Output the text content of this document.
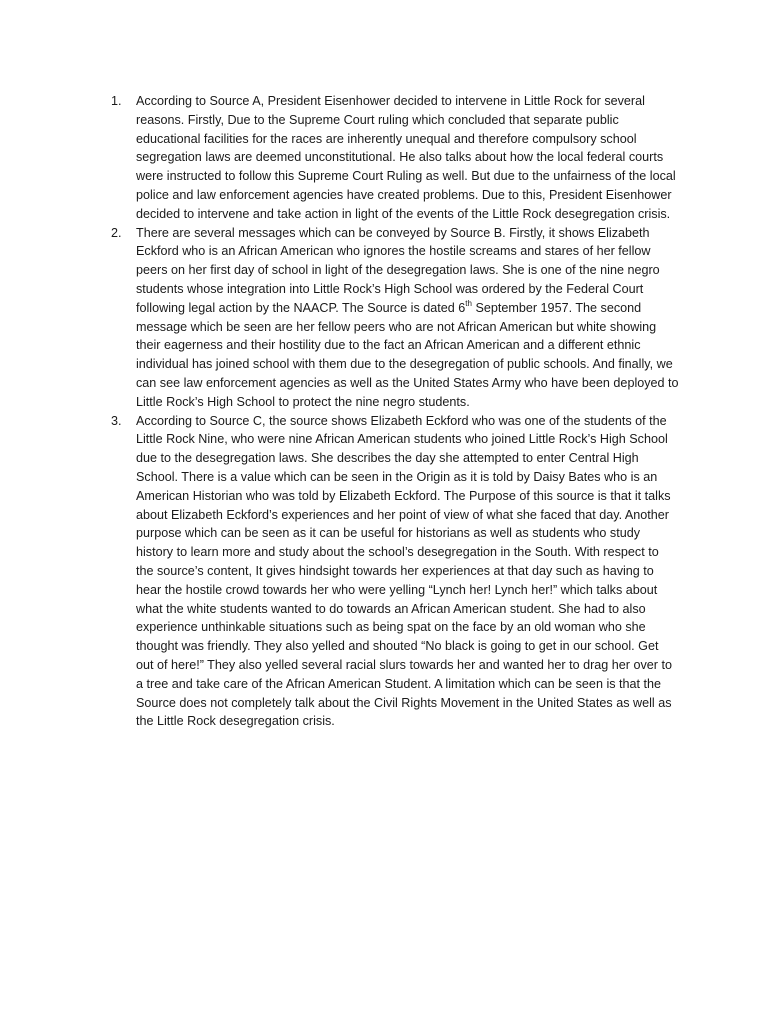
1.	According to Source A, President Eisenhower decided to intervene in Little Rock for several reasons. Firstly, Due to the Supreme Court ruling which concluded that separate public educational facilities for the races are inherently unequal and therefore compulsory school segregation laws are deemed unconstitutional. He also talks about how the local federal courts were instructed to follow this Supreme Court Ruling as well. But due to the unfairness of the local police and law enforcement agencies have created problems. Due to this, President Eisenhower decided to intervene and take action in light of the events of the Little Rock desegregation crisis.
2.	There are several messages which can be conveyed by Source B. Firstly, it shows Elizabeth Eckford who is an African American who ignores the hostile screams and stares of her fellow peers on her first day of school in light of the desegregation laws. She is one of the nine negro students whose integration into Little Rock’s High School was ordered by the Federal Court following legal action by the NAACP. The Source is dated 6th September 1957. The second message which be seen are her fellow peers who are not African American but white showing their eagerness and their hostility due to the fact an African American and a different ethnic individual has joined school with them due to the desegregation of public schools. And finally, we can see law enforcement agencies as well as the United States Army who have been deployed to Little Rock’s High School to protect the nine negro students.
3.	According to Source C, the source shows Elizabeth Eckford who was one of the students of the Little Rock Nine, who were nine African American students who joined Little Rock’s High School due to the desegregation laws. She describes the day she attempted to enter Central High School. There is a value which can be seen in the Origin as it is told by Daisy Bates who is an American Historian who was told by Elizabeth Eckford. The Purpose of this source is that it talks about Elizabeth Eckford’s experiences and her point of view of what she faced that day. Another purpose which can be seen as it can be useful for historians as well as students who study history to learn more and study about the school’s desegregation in the South. With respect to the source’s content, It gives hindsight towards her experiences at that day such as having to hear the hostile crowd towards her who were yelling “Lynch her! Lynch her!” which talks about what the white students wanted to do towards an African American student. She had to also experience unthinkable situations such as being spat on the face by an old woman who she thought was friendly. They also yelled and shouted “No black is going to get in our school. Get out of here!” They also yelled several racial slurs towards her and wanted her to drag her over to a tree and take care of the African American Student. A limitation which can be seen is that the Source does not completely talk about the Civil Rights Movement in the United States as well as the Little Rock desegregation crisis.
